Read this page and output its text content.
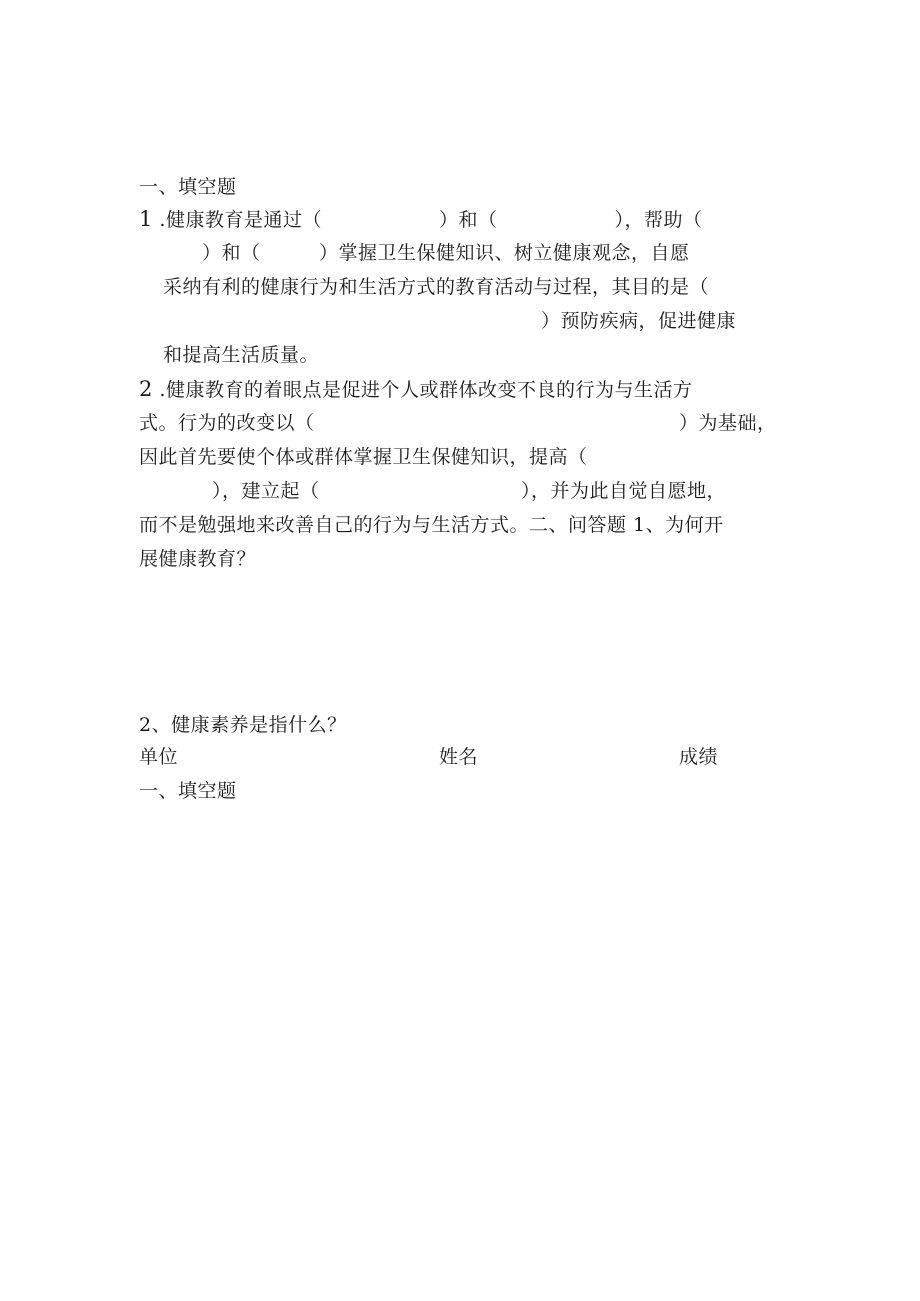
一、填空题
1 .健康教育是通过（　　　　　　）和（　　　　　　），帮助（
　　）和（　　　）掌握卫生保健知识、树立健康观念，自愿
采纳有利的健康行为和生活方式的教育活动与过程，其目的是（
）预防疾病，促进健康
和提高生活质量。
2 .健康教育的着眼点是促进个人或群体改变不良的行为与生活方
式。行为的改变以（	）为基础，
因此首先要使个体或群体掌握卫生保健知识，提高（
），建立起（	），并为此自觉自愿地，
而不是勉强地来改善自己的行为与生活方式。二、问答题 1、为何开
展健康教育？
2、健康素养是指什么？
单位	姓名	成绩
一、填空题
